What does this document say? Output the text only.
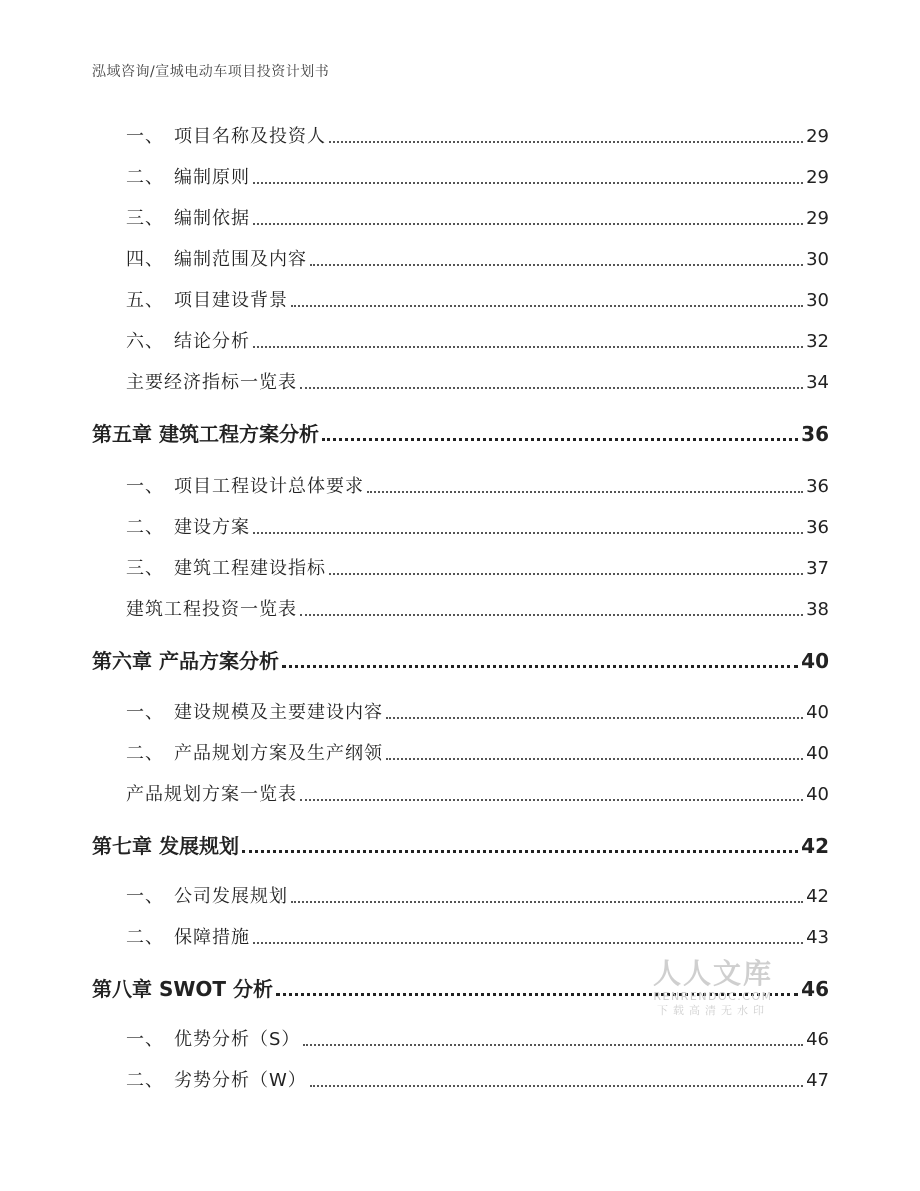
泓域咨询/宣城电动车项目投资计划书
一、 项目名称及投资人	29
二、 编制原则	29
三、 编制依据	29
四、 编制范围及内容	30
五、 项目建设背景	30
六、 结论分析	32
主要经济指标一览表	34
第五章 建筑工程方案分析	36
一、 项目工程设计总体要求	36
二、 建设方案	36
三、 建筑工程建设指标	37
建筑工程投资一览表	38
第六章 产品方案分析	40
一、 建设规模及主要建设内容	40
二、 产品规划方案及生产纲领	40
产品规划方案一览表	40
第七章 发展规划	42
一、 公司发展规划	42
二、 保障措施	43
第八章 SWOT 分析	46
一、 优势分析（S）	46
二、 劣势分析（W）	47
人人文库
RENRENDOC.COM
下载高清无水印
